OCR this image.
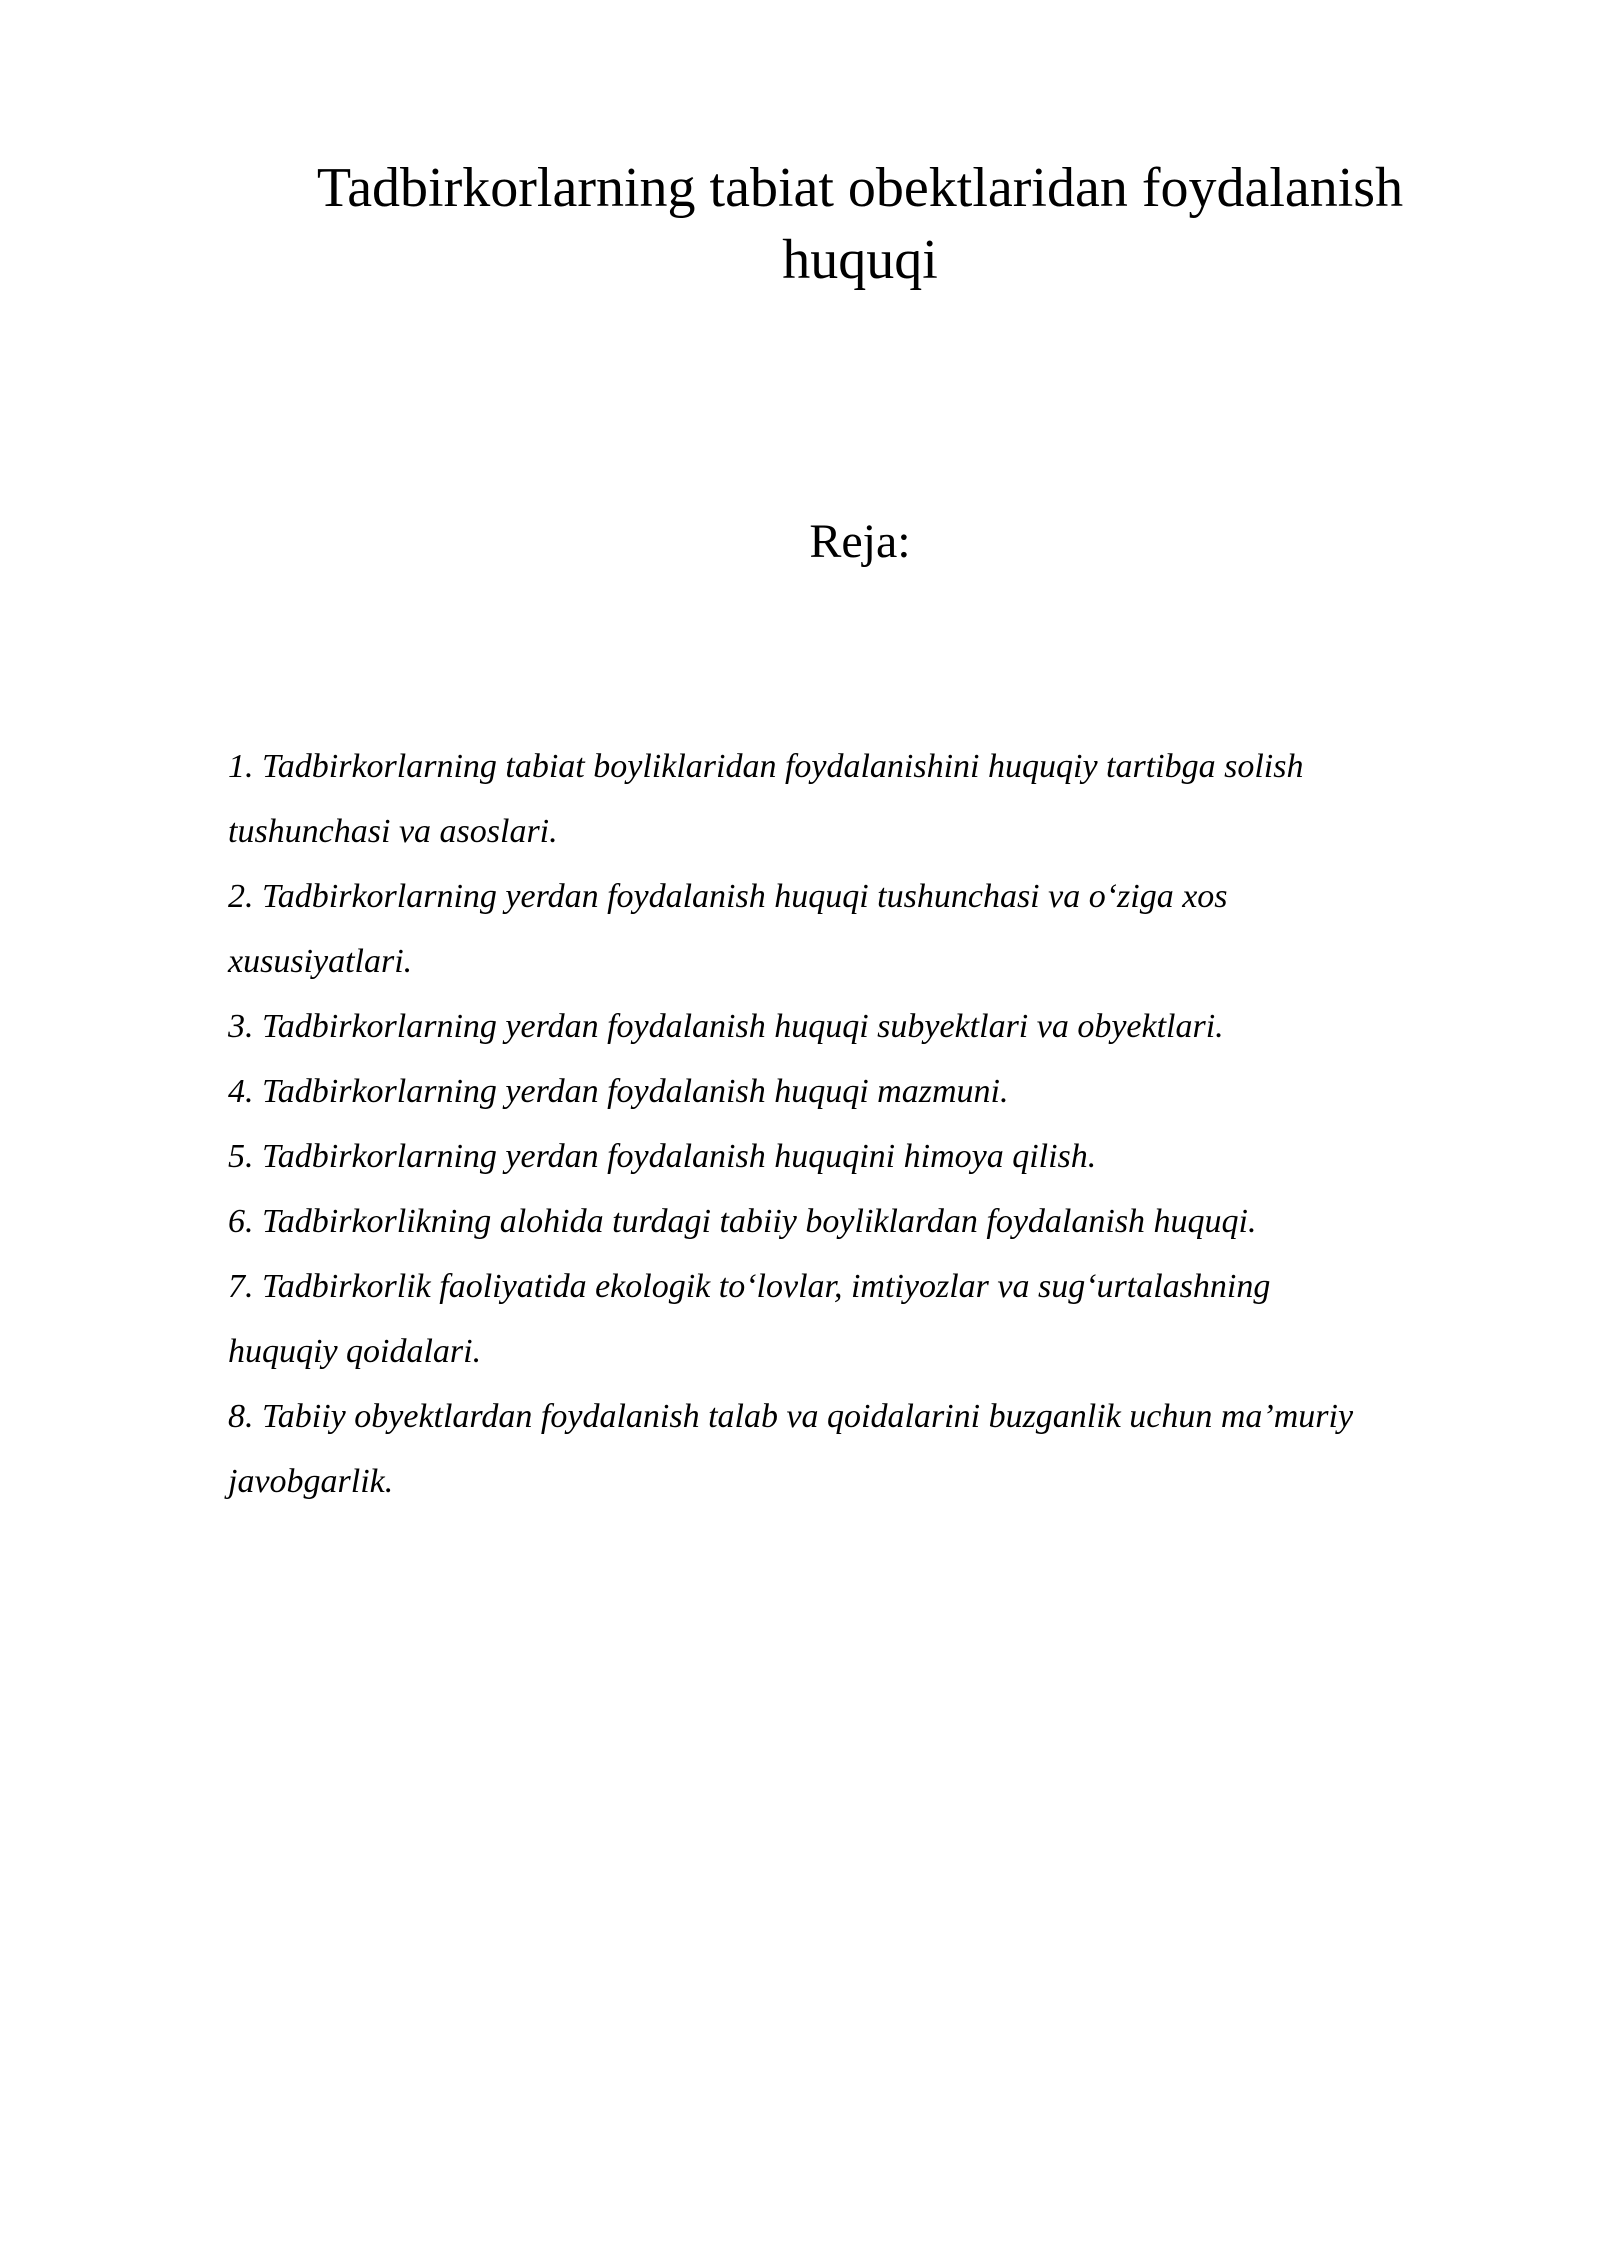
Tadbirkorlarning tabiat obektlaridan foydalanish
huquqi
Reja:
1. Tadbirkorlarning tabiat boyliklaridan foydalanishini huquqiy tartibga solish
tushunchasi va asoslari.
2. Tadbirkorlarning yerdan foydalanish huquqi tushunchasi va o‘ziga xos
xususiyatlari.
3. Tadbirkorlarning yerdan foydalanish huquqi subyektlari va obyektlari.
4. Tadbirkorlarning yerdan foydalanish huquqi mazmuni.
5. Tadbirkorlarning yerdan foydalanish huquqini himoya qilish.
6. Tadbirkorlikning alohida turdagi tabiiy boyliklardan foydalanish huquqi.
7. Tadbirkorlik faoliyatida ekologik to‘lovlar, imtiyozlar va sug‘urtalashning
huquqiy qoidalari.
8. Tabiiy obyektlardan foydalanish talab va qoidalarini buzganlik uchun ma’muriy
javobgarlik.
